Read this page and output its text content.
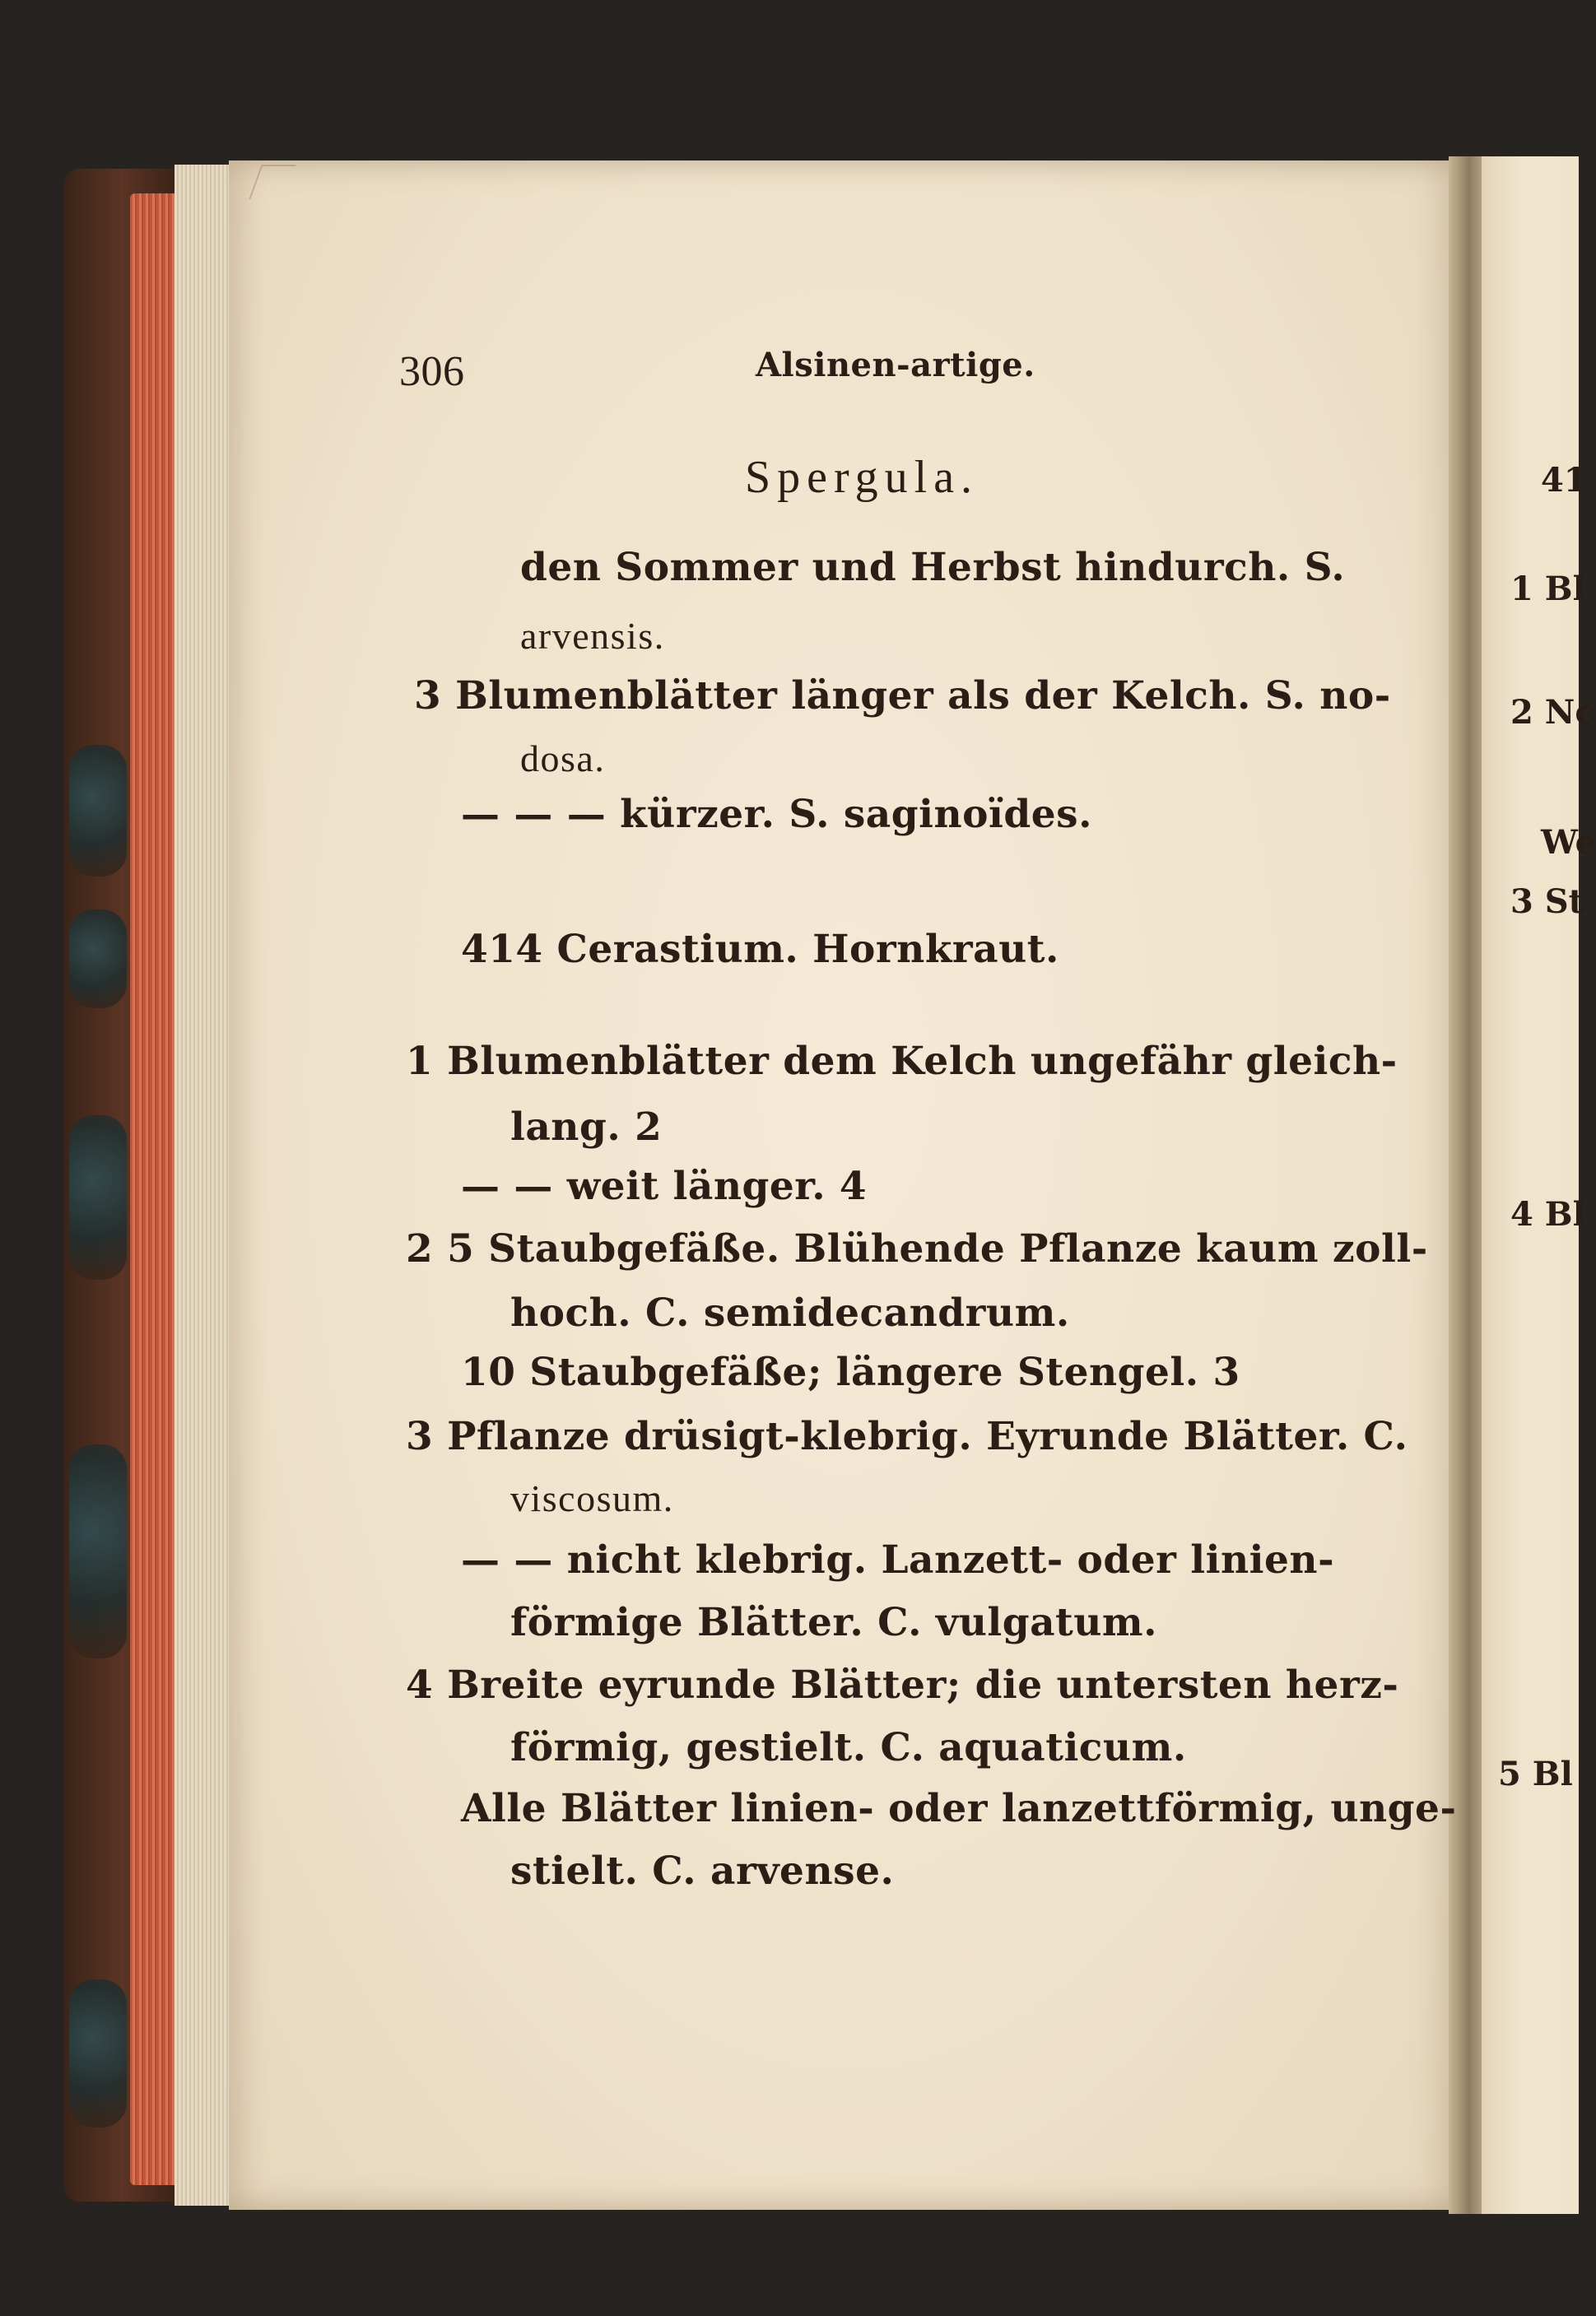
306	Alsinen-artige.
Spergula.
den Sommer und Herbst hindurch. S.
arvensis.
3 Blumenblätter länger als der Kelch. S. no-
dosa.
— — — kürzer. S. saginoïdes.
414 Cerastium. Hornkraut.
1 Blumenblätter dem Kelch ungefähr gleich-
lang. 2
— — weit länger. 4
2 5 Staubgefäße. Blühende Pflanze kaum zoll-
hoch. C. semidecandrum.
10 Staubgefäße; längere Stengel. 3
3 Pflanze drüsigt-klebrig. Eyrunde Blätter. C.
viscosum.
— — nicht klebrig. Lanzett- oder linien-
förmige Blätter. C. vulgatum.
4 Breite eyrunde Blätter; die untersten herz-
förmig, gestielt. C. aquaticum.
Alle Blätter linien- oder lanzettförmig, unge-
stielt. C. arvense.
41
1 Bl
2 Nc
We
3 St
4 Bl
5 Bl
